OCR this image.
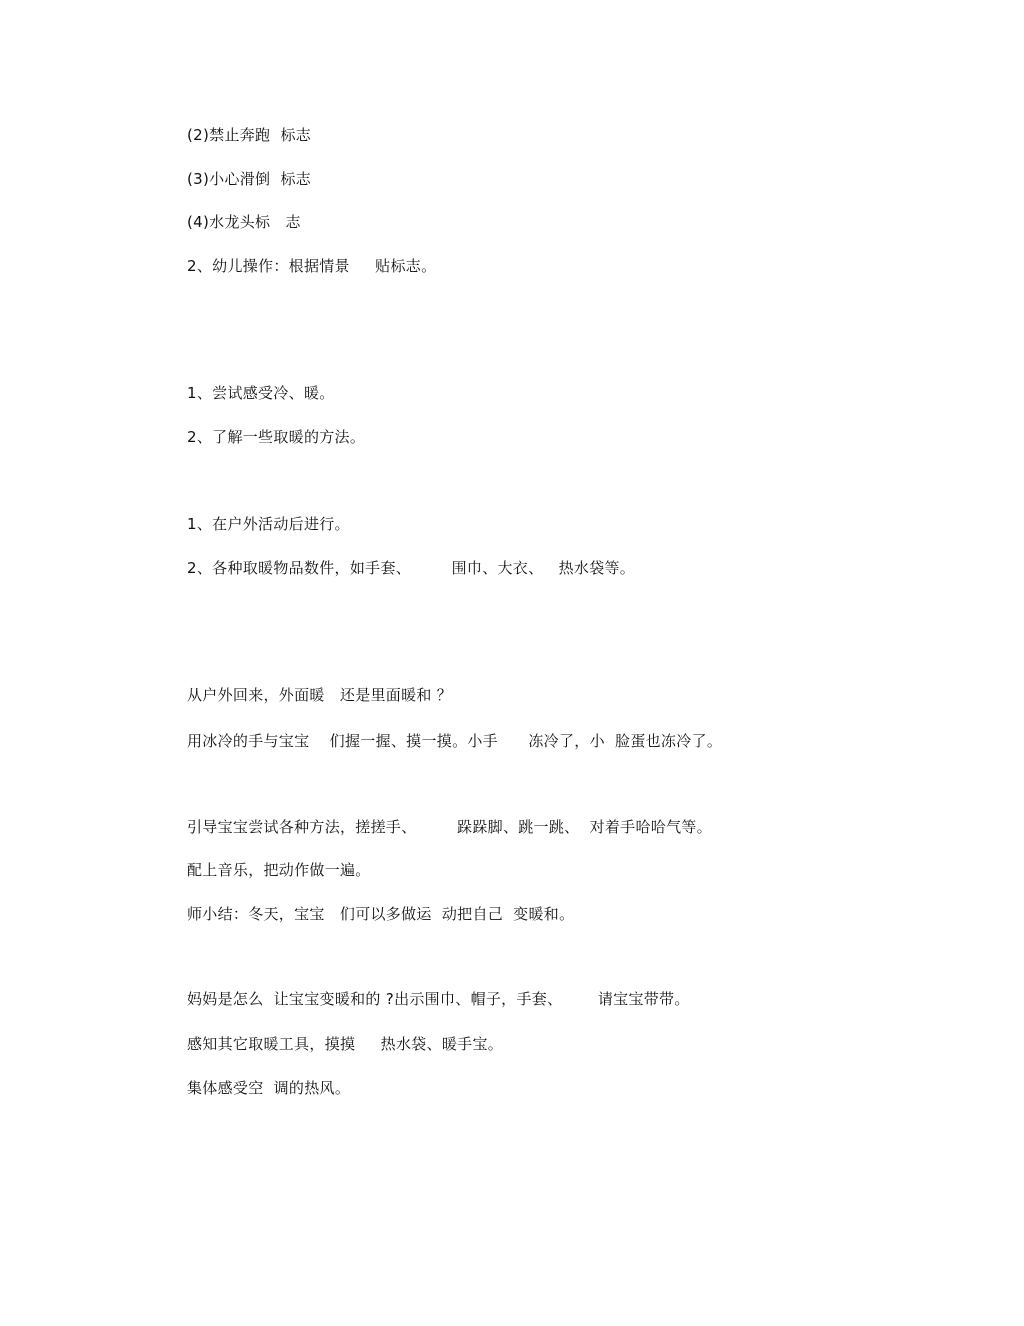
(2)禁止奔跑  标志
(3)小心滑倒  标志
(4)水龙头标   志
2、幼儿操作：根据情景     贴标志。
1、尝试感受冷、暖。
2、了解一些取暖的方法。
1、在户外活动后进行。
2、各种取暖物品数件，如手套、        围巾、大衣、   热水袋等。
从户外回来，外面暖   还是里面暖和 ？
用冰冷的手与宝宝    们握一握、摸一摸。小手      冻冷了，小  脸蛋也冻冷了。
引导宝宝尝试各种方法，搓搓手、        跺跺脚、跳一跳、  对着手哈哈气等。
配上音乐，把动作做一遍。
师小结：冬天，宝宝   们可以多做运  动把自己  变暖和。
妈妈是怎么  让宝宝变暖和的 ?出示围巾、帽子，手套、       请宝宝带带。
感知其它取暖工具，摸摸     热水袋、暖手宝。
集体感受空  调的热风。
